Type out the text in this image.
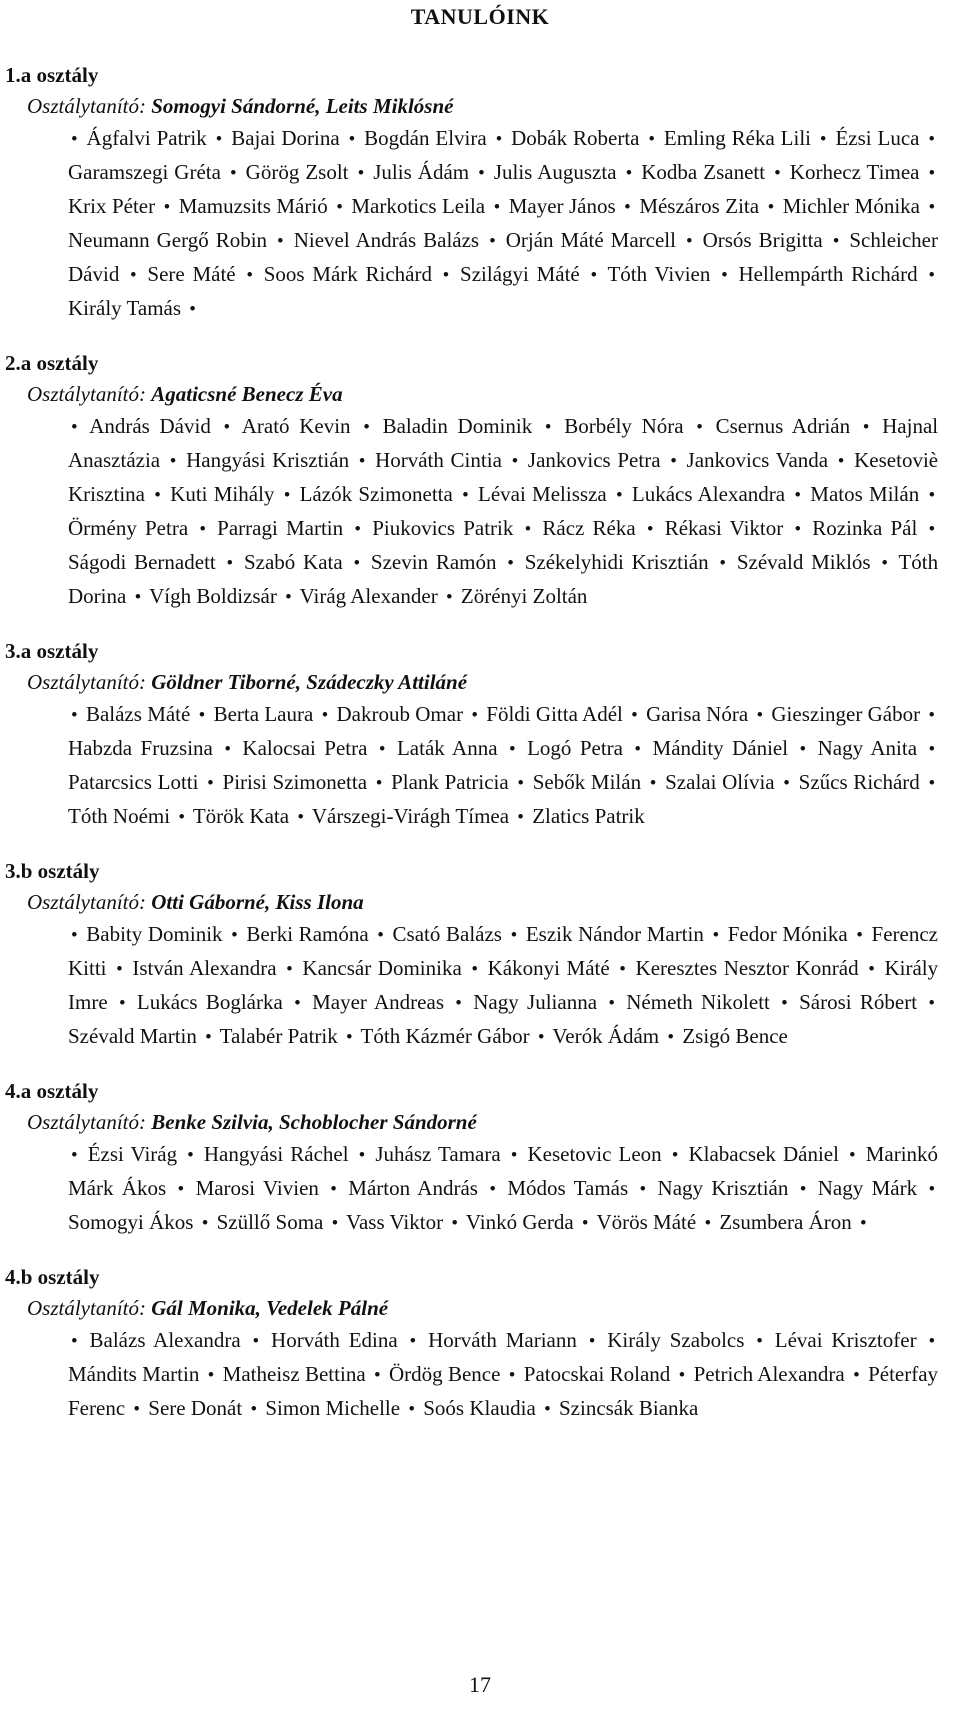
TANULÓINK
1.a osztály
Osztálytanító: Somogyi Sándorné, Leits Miklósné
• Ágfalvi Patrik • Bajai Dorina • Bogdán Elvira • Dobák Roberta • Emling Réka Lili • Ézsi Luca • Garamszegi Gréta • Görög Zsolt • Julis Ádám • Julis Auguszta • Kodba Zsanett • Korhecz Timea • Krix Péter • Mamuzsits Márió • Markotics Leila • Mayer János • Mészáros Zita • Michler Mónika • Neumann Gergő Robin • Nievel András Balázs • Orján Máté Marcell • Orsós Brigitta • Schleicher Dávid • Sere Máté • Soos Márk Richárd • Szilágyi Máté • Tóth Vivien • Hellempárth Richárd • Király Tamás •
2.a osztály
Osztálytanító: Agaticsné Benecz Éva
• András Dávid • Arató Kevin • Baladin Dominik • Borbély Nóra • Csernus Adrián • Hajnal Anasztázia • Hangyási Krisztián • Horváth Cintia • Jankovics Petra • Jankovics Vanda • Kesetoviè Krisztina • Kuti Mihály • Lázók Szimonetta • Lévai Melissza • Lukács Alexandra • Matos Milán • Örmény Petra • Parragi Martin • Piukovics Patrik • Rácz Réka • Rékasi Viktor • Rozinka Pál • Ságodi Bernadett • Szabó Kata • Szevin Ramón • Székelyhidi Krisztián • Szévald Miklós • Tóth Dorina • Vígh Boldizsár • Virág Alexander • Zörényi Zoltán
3.a osztály
Osztálytanító: Göldner Tiborné, Szádeczky Attiláné
• Balázs Máté • Berta Laura • Dakroub Omar • Földi Gitta Adél • Garisa Nóra • Gieszinger Gábor • Habzda Fruzsina • Kalocsai Petra • Laták Anna • Logó Petra • Mándity Dániel • Nagy Anita • Patarcsics Lotti • Pirisi Szimonetta • Plank Patricia • Sebők Milán • Szalai Olívia • Szűcs Richárd • Tóth Noémi • Török Kata • Várszegi-Virágh Tímea • Zlatics Patrik
3.b osztály
Osztálytanító: Otti Gáborné, Kiss Ilona
• Babity Dominik • Berki Ramóna • Csató Balázs • Eszik Nándor Martin • Fedor Mónika • Ferencz Kitti • István Alexandra • Kancsár Dominika • Kákonyi Máté • Keresztes Nesztor Konrád • Király Imre • Lukács Boglárka • Mayer Andreas • Nagy Julianna • Németh Nikolett • Sárosi Róbert • Szévald Martin • Talabér Patrik • Tóth Kázmér Gábor • Verók Ádám • Zsigó Bence
4.a osztály
Osztálytanító: Benke Szilvia, Schoblocher Sándorné
• Ézsi Virág • Hangyási Ráchel • Juhász Tamara • Kesetovic Leon • Klabacsek Dániel • Marinkó Márk Ákos • Marosi Vivien • Márton András • Módos Tamás • Nagy Krisztián • Nagy Márk • Somogyi Ákos • Szüllő Soma • Vass Viktor • Vinkó Gerda • Vörös Máté • Zsumbera Áron •
4.b osztály
Osztálytanító: Gál Monika, Vedelek Pálné
• Balázs Alexandra • Horváth Edina • Horváth Mariann • Király Szabolcs • Lévai Krisztofer • Mándits Martin • Matheisz Bettina • Ördög Bence • Patocskai Roland • Petrich Alexandra • Péterfay Ferenc • Sere Donát • Simon Michelle • Soós Klaudia • Szincsák Bianka
17
